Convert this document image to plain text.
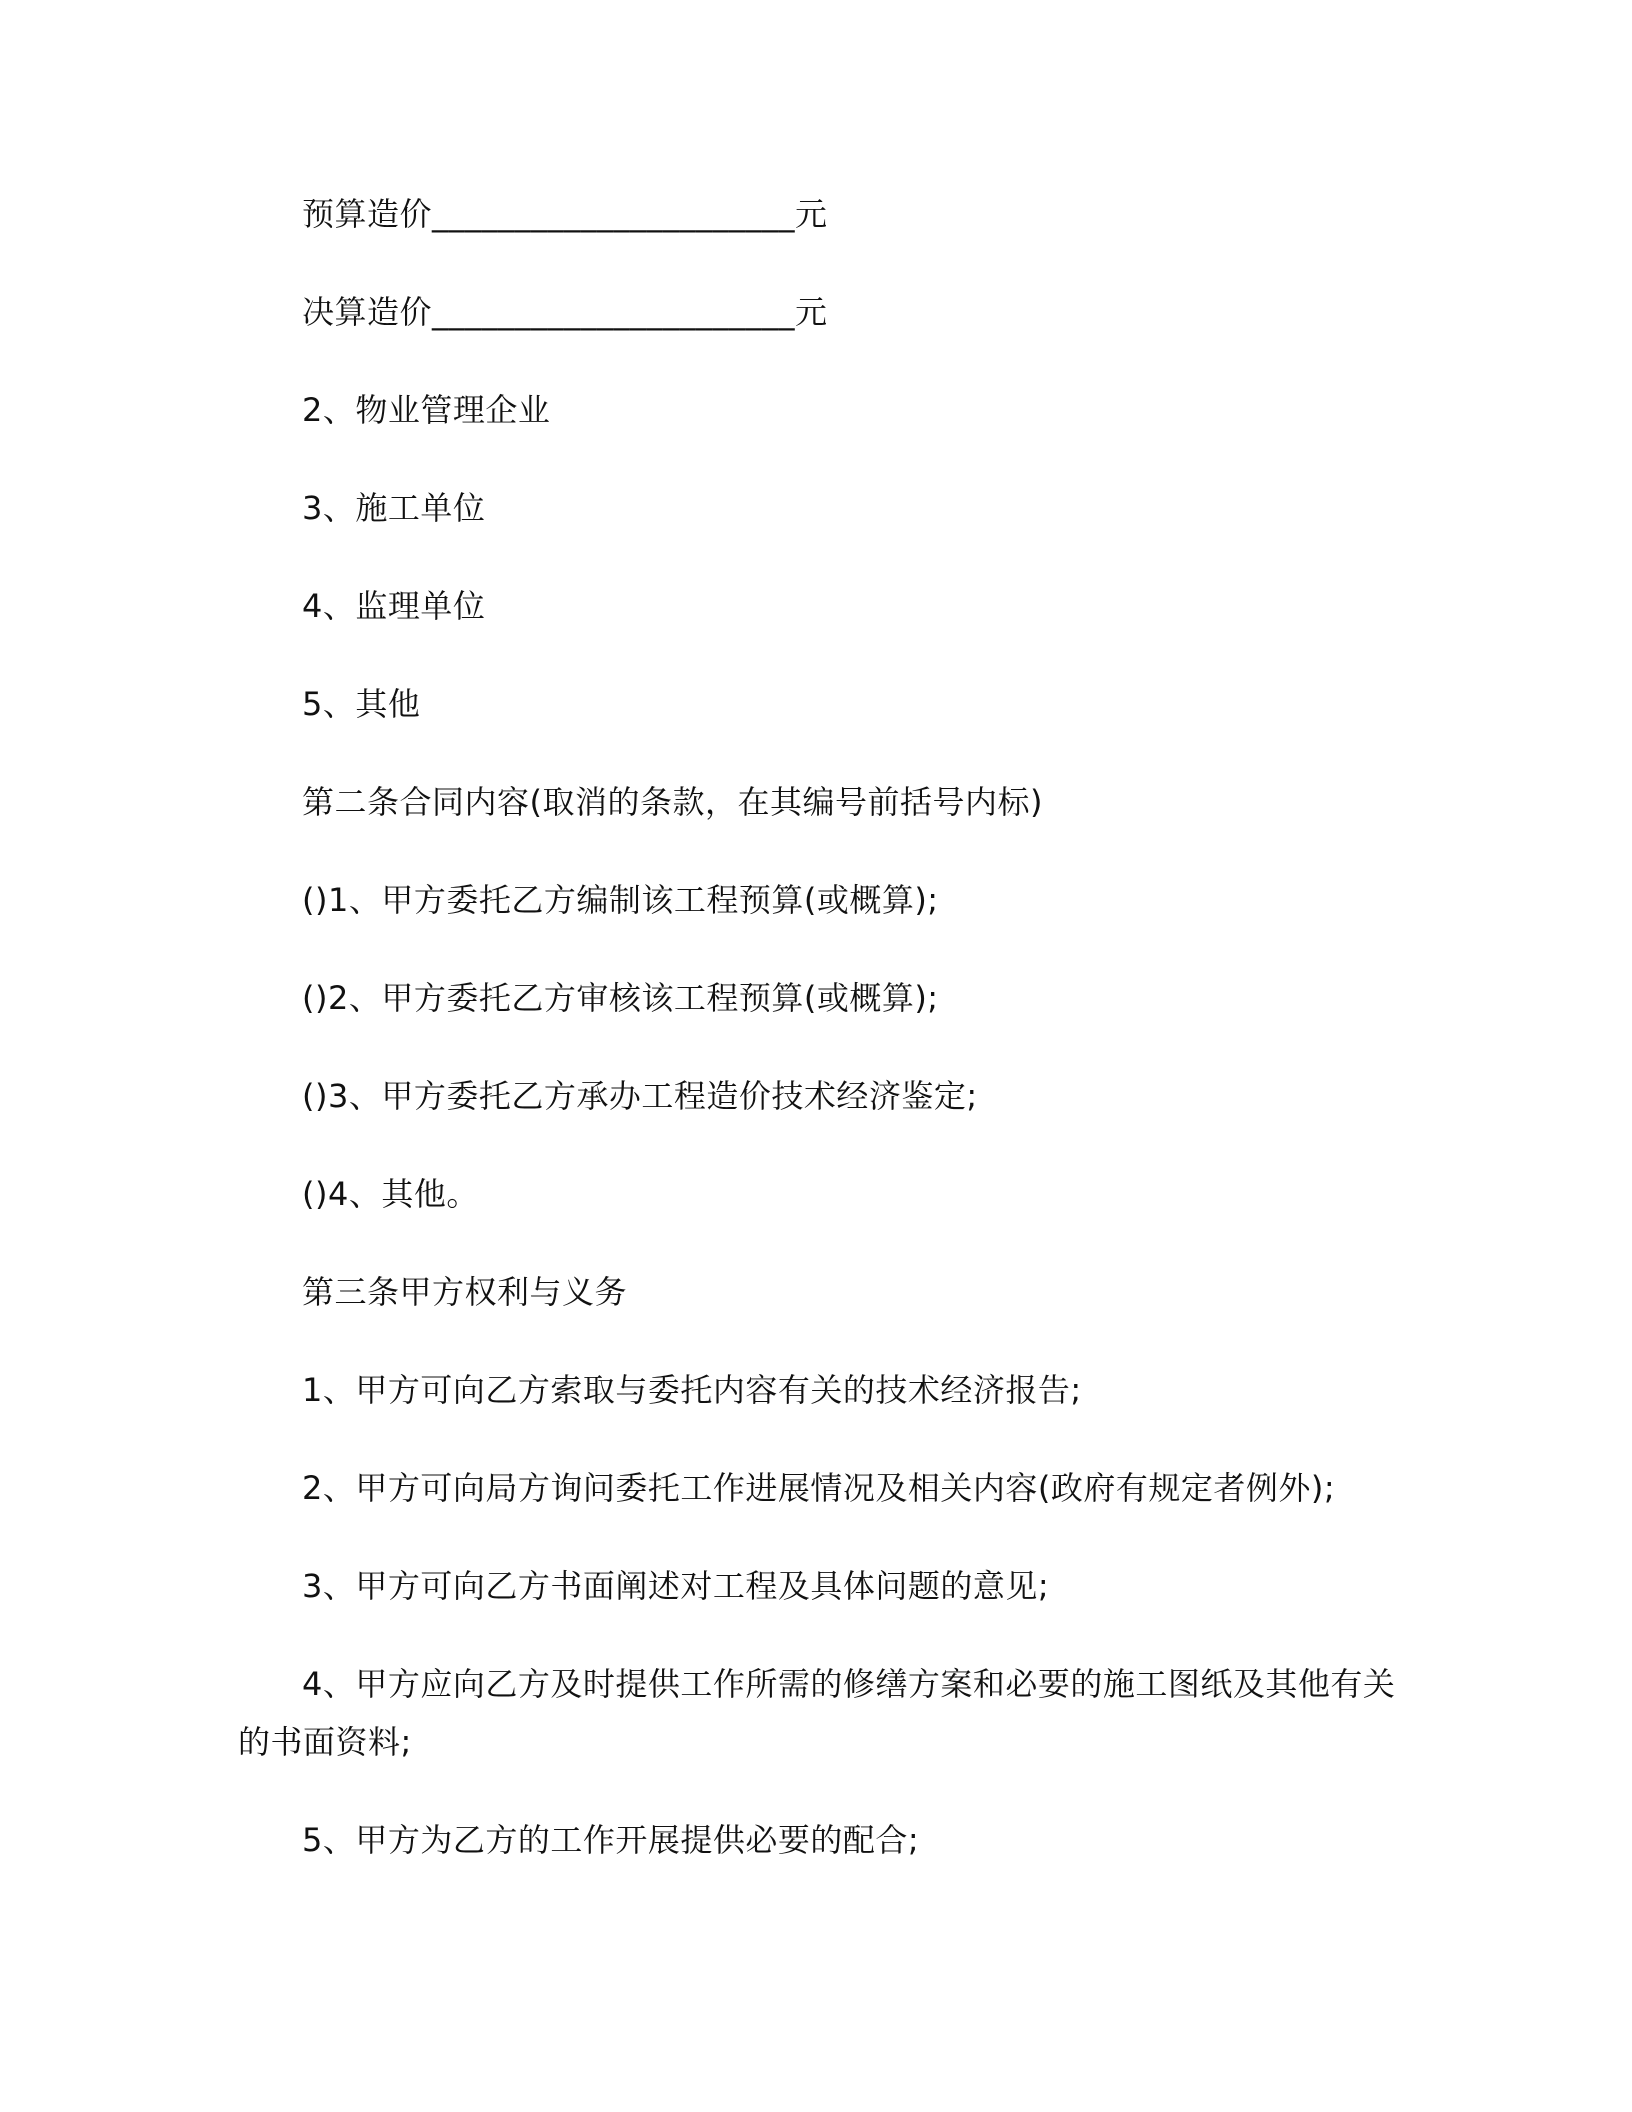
预算造价______________________元
决算造价______________________元
2、物业管理企业
3、施工单位
4、监理单位
5、其他
第二条合同内容(取消的条款，在其编号前括号内标)
()1、甲方委托乙方编制该工程预算(或概算);
()2、甲方委托乙方审核该工程预算(或概算);
()3、甲方委托乙方承办工程造价技术经济鉴定;
()4、其他。
第三条甲方权利与义务
1、甲方可向乙方索取与委托内容有关的技术经济报告;
2、甲方可向局方询问委托工作进展情况及相关内容(政府有规定者例外);
3、甲方可向乙方书面阐述对工程及具体问题的意见;
4、甲方应向乙方及时提供工作所需的修缮方案和必要的施工图纸及其他有关
的书面资料;
5、甲方为乙方的工作开展提供必要的配合;
